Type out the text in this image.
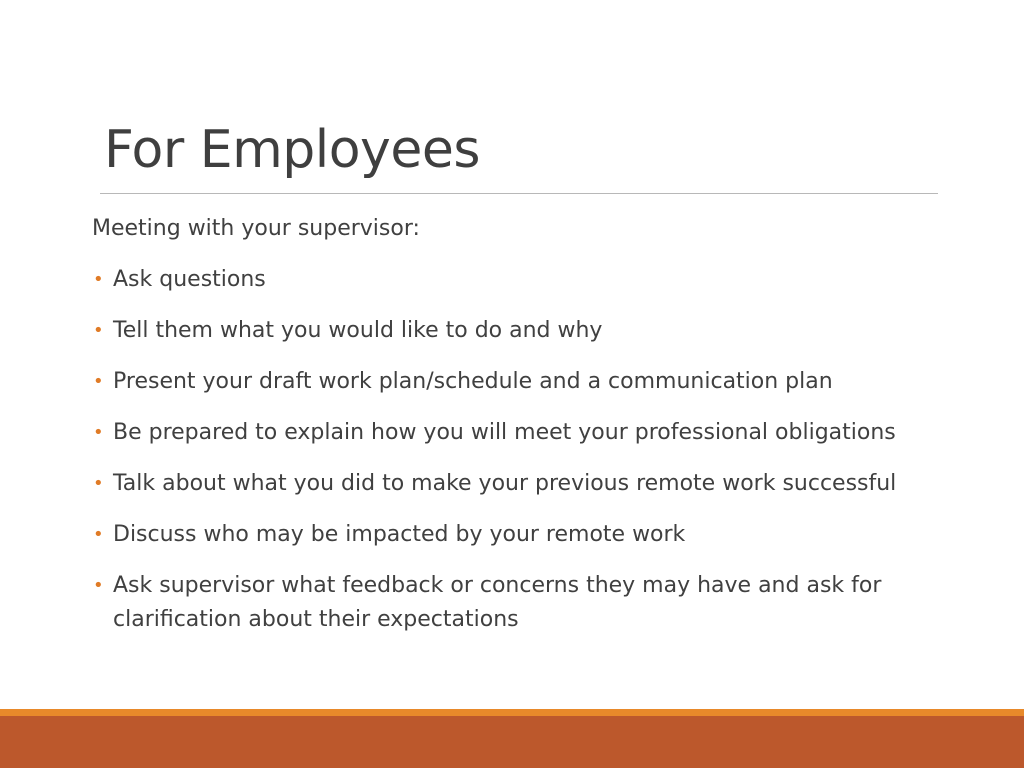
For Employees

Meeting with your supervisor:

• Ask questions
• Tell them what you would like to do and why
• Present your draft work plan/schedule and a communication plan
• Be prepared to explain how you will meet your professional obligations
• Talk about what you did to make your previous remote work successful
• Discuss who may be impacted by your remote work
• Ask supervisor what feedback or concerns they may have and ask for clarification about their expectations
